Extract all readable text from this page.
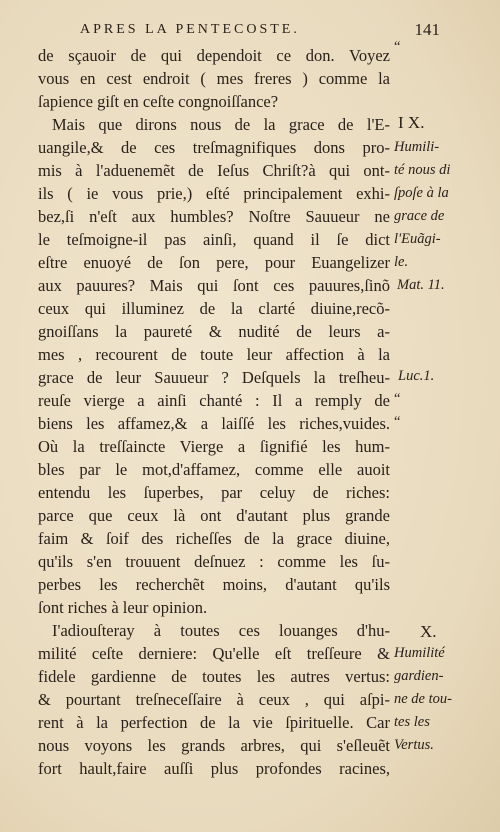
APRES LA PENTECOSTE.	141
de sçauoir de qui dependoit ce don. Voyez
vous en cest endroit ( mes freres ) comme la
ſapience giſt en ceſte congnoiſſance?
Mais que dirons nous de la grace de l'E-
uangile,& de ces treſmagnifiques dons pro-
mis à l'aduenemẽt de Ieſus Chriſt?à qui ont-
ils ( ie vous prie,) eſté principalement exhi-
bez,ſi n'eſt aux humbles? Noſtre Sauueur ne
le teſmoigne-il pas ainſi, quand il ſe dict
eſtre enuoyé de ſon pere, pour Euangelizer
aux pauures? Mais qui ſont ces pauures,ſinõ
ceux qui illuminez de la clarté diuine,recõ-
gnoiſſans la paureté & nudité de leurs a-
mes , recourent de toute leur affection à la
grace de leur Sauueur ? Deſquels la treſheu-
reuſe vierge a ainſi chanté : Il a remply de
biens les affamez,& a laiſſé les riches,vuides.
Où la treſſaincte Vierge a ſignifié les hum-
bles par le mot,d'affamez, comme elle auoit
entendu les ſuperbes, par celuy de riches:
parce que ceux là ont d'autant plus grande
faim & ſoif des richeſſes de la grace diuine,
qu'ils s'en trouuent deſnuez : comme les ſu-
perbes les recherchẽt moins, d'autant qu'ils
ſont riches à leur opinion.
I'adiouſteray à toutes ces louanges d'hu-
milité ceſte derniere: Qu'elle eſt treſſeure &
fidele gardienne de toutes les autres vertus:
& pourtant treſneceſſaire à ceux , qui aſpi-
rent à la perfection de la vie ſpirituelle. Car
nous voyons les grands arbres, qui s'eſleuẽt
fort hault,faire auſſi plus profondes racines,
“
I X.
Humili-
té nous di
ſpoſe à la
grace de
l'Euãgi-
le.
Mat. 11.
Luc.1.
“
“
X.
Humilité
gardien-
ne de tou-
tes les
Vertus.
